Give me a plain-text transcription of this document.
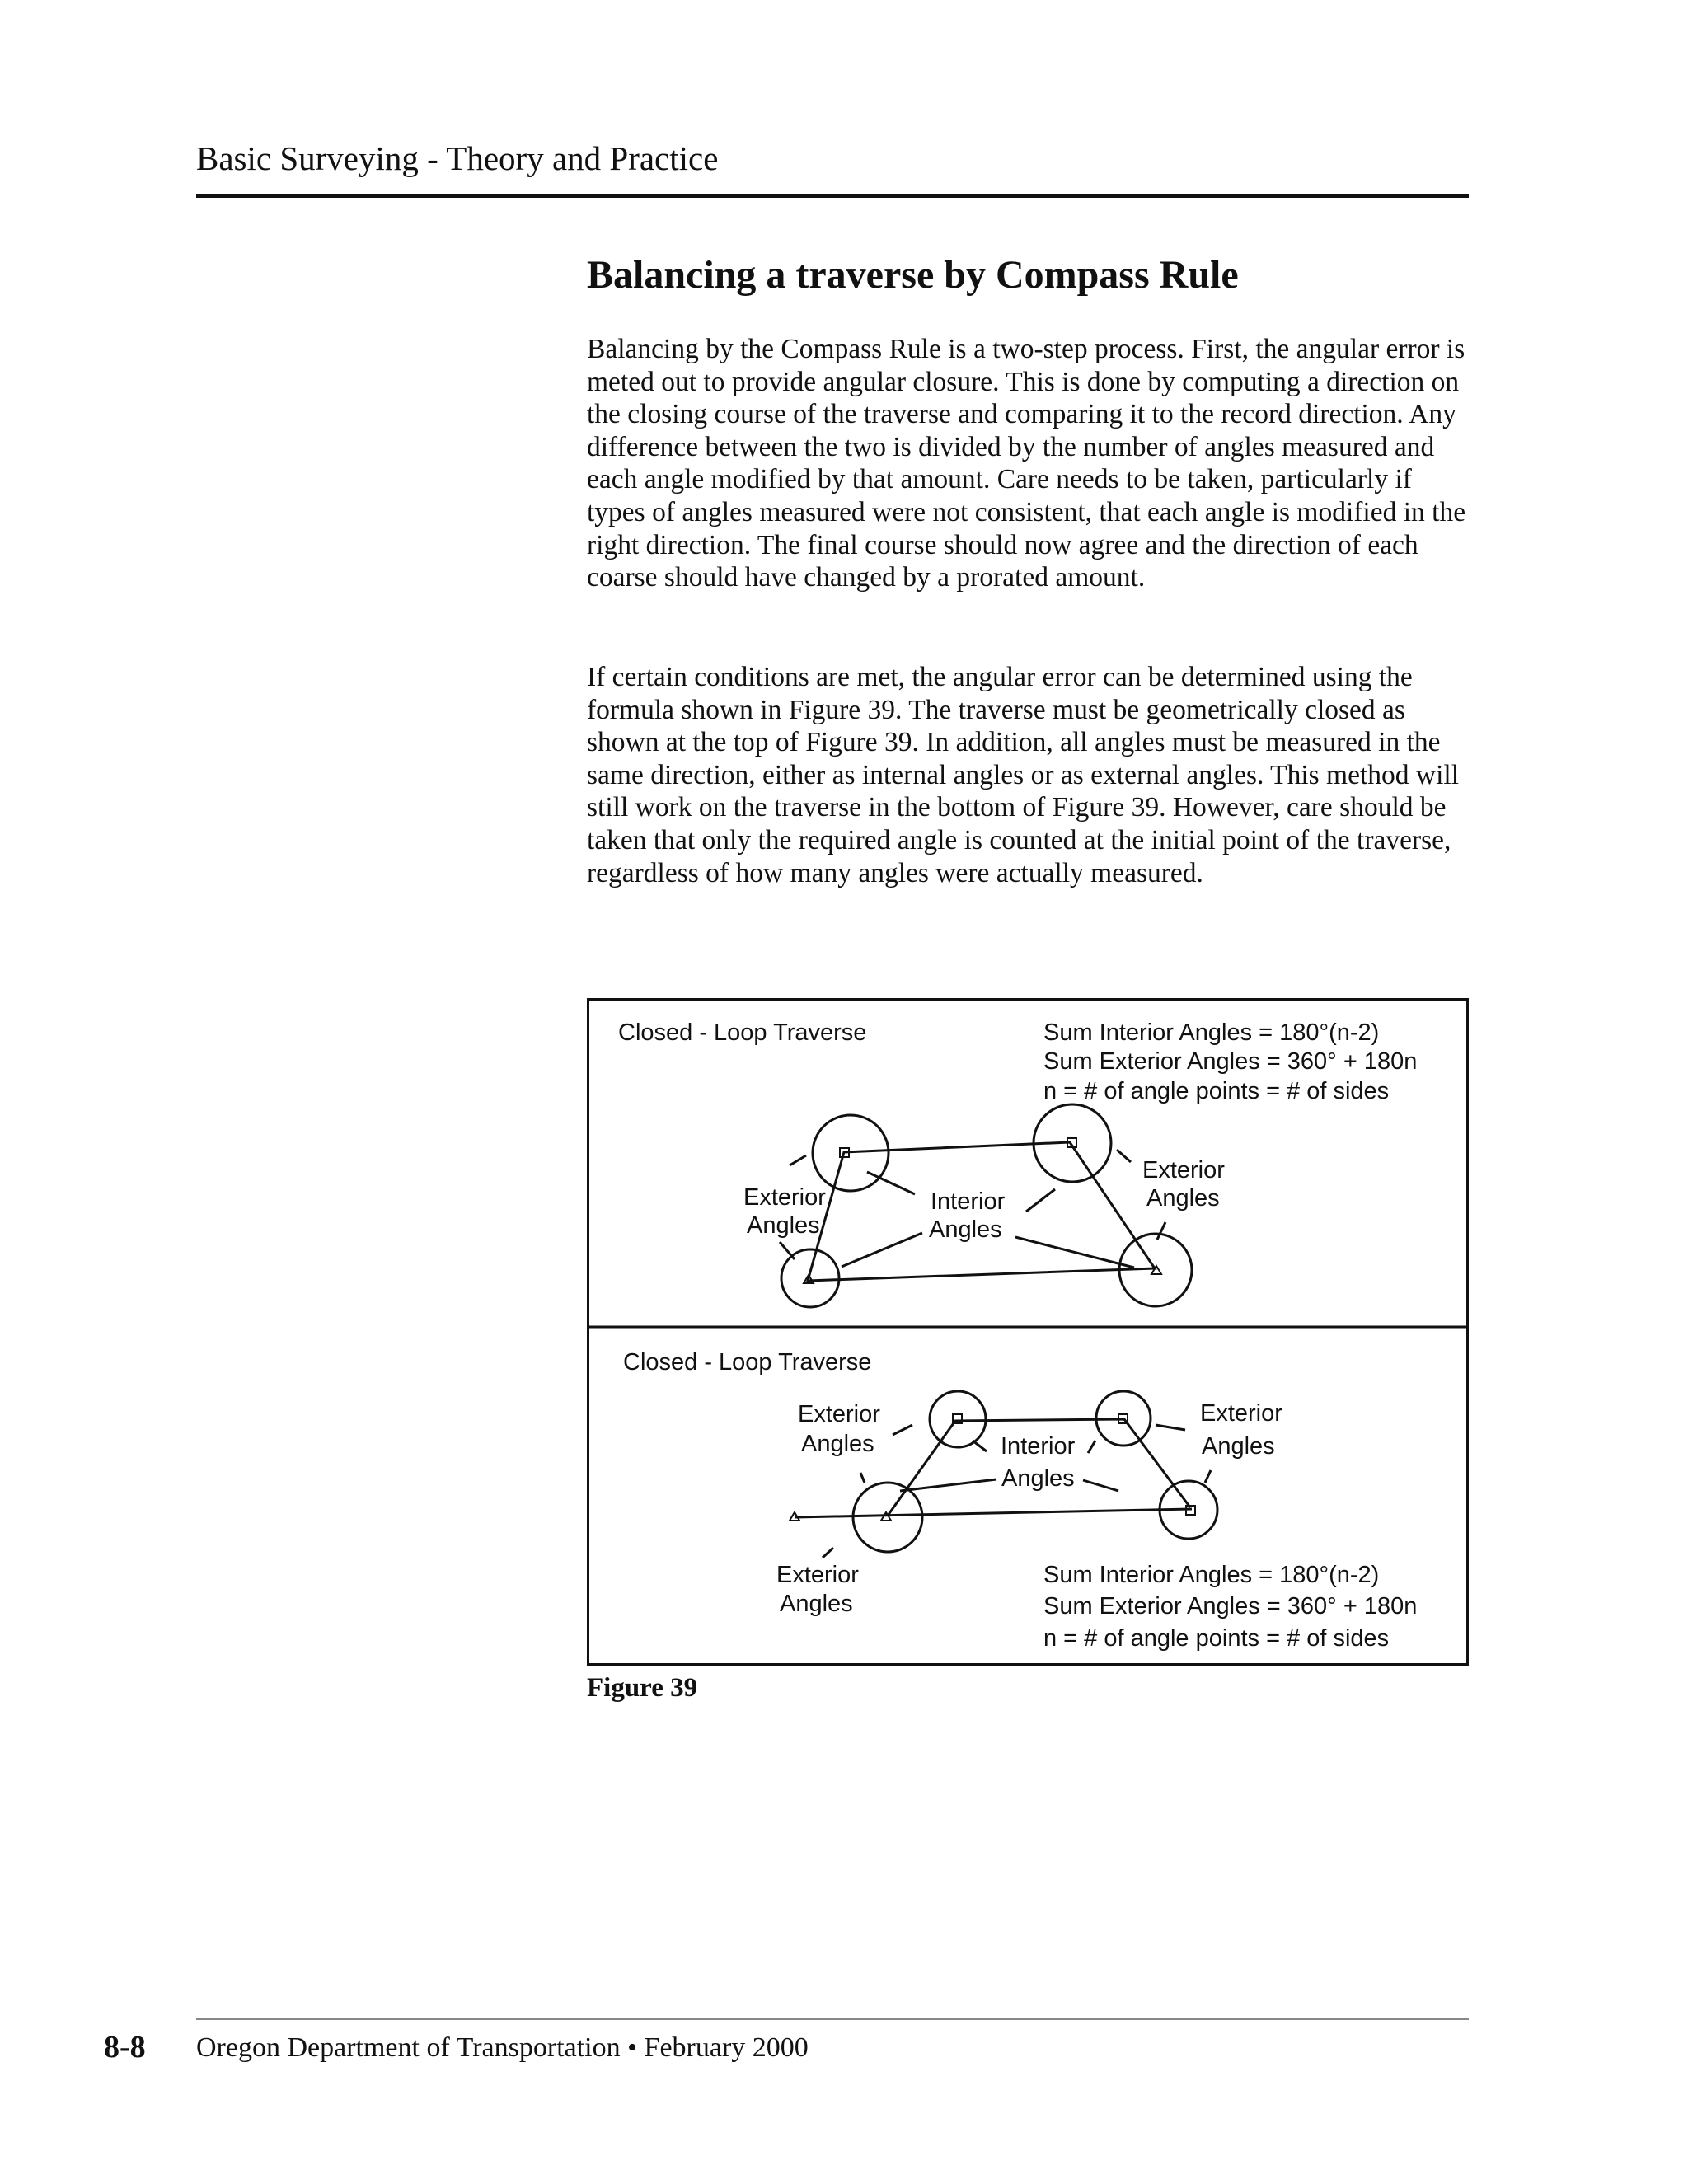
Basic Surveying - Theory and Practice
Balancing a traverse by Compass Rule

Balancing by the Compass Rule is a two-step process. First, the angular error is meted out to provide angular closure. This is done by computing a direction on the closing course of the traverse and comparing it to the record direction. Any difference between the two is divided by the number of angles measured and each angle modified by that amount. Care needs to be taken, particularly if types of angles measured were not consistent, that each angle is modified in the right direction. The final course should now agree and the direction of each coarse should have changed by a prorated amount.

If certain conditions are met, the angular error can be determined using the formula shown in Figure 39. The traverse must be geometrically closed as shown at the top of Figure 39. In addition, all angles must be measured in the same direction, either as internal angles or as external angles. This method will still work on the traverse in the bottom of Figure 39. However, care should be taken that only the required angle is counted at the initial point of the traverse, regardless of how many angles were actually measured.

Closed - Loop Traverse	Sum Interior Angles = 180°(n-2)
Sum Exterior Angles = 360° + 180n
n = # of angle points = # of sides
Exterior
Angles
Interior
Angles
Exterior
Angles
Closed - Loop Traverse
Exterior
Angles	Interior
Angles
Exterior
Angles
Exterior
Angles
Sum Interior Angles = 180°(n-2)
Sum Exterior Angles = 360° + 180n
n = # of angle points = # of sides
Figure 39
8-8 Oregon Department of Transportation • February 2000
